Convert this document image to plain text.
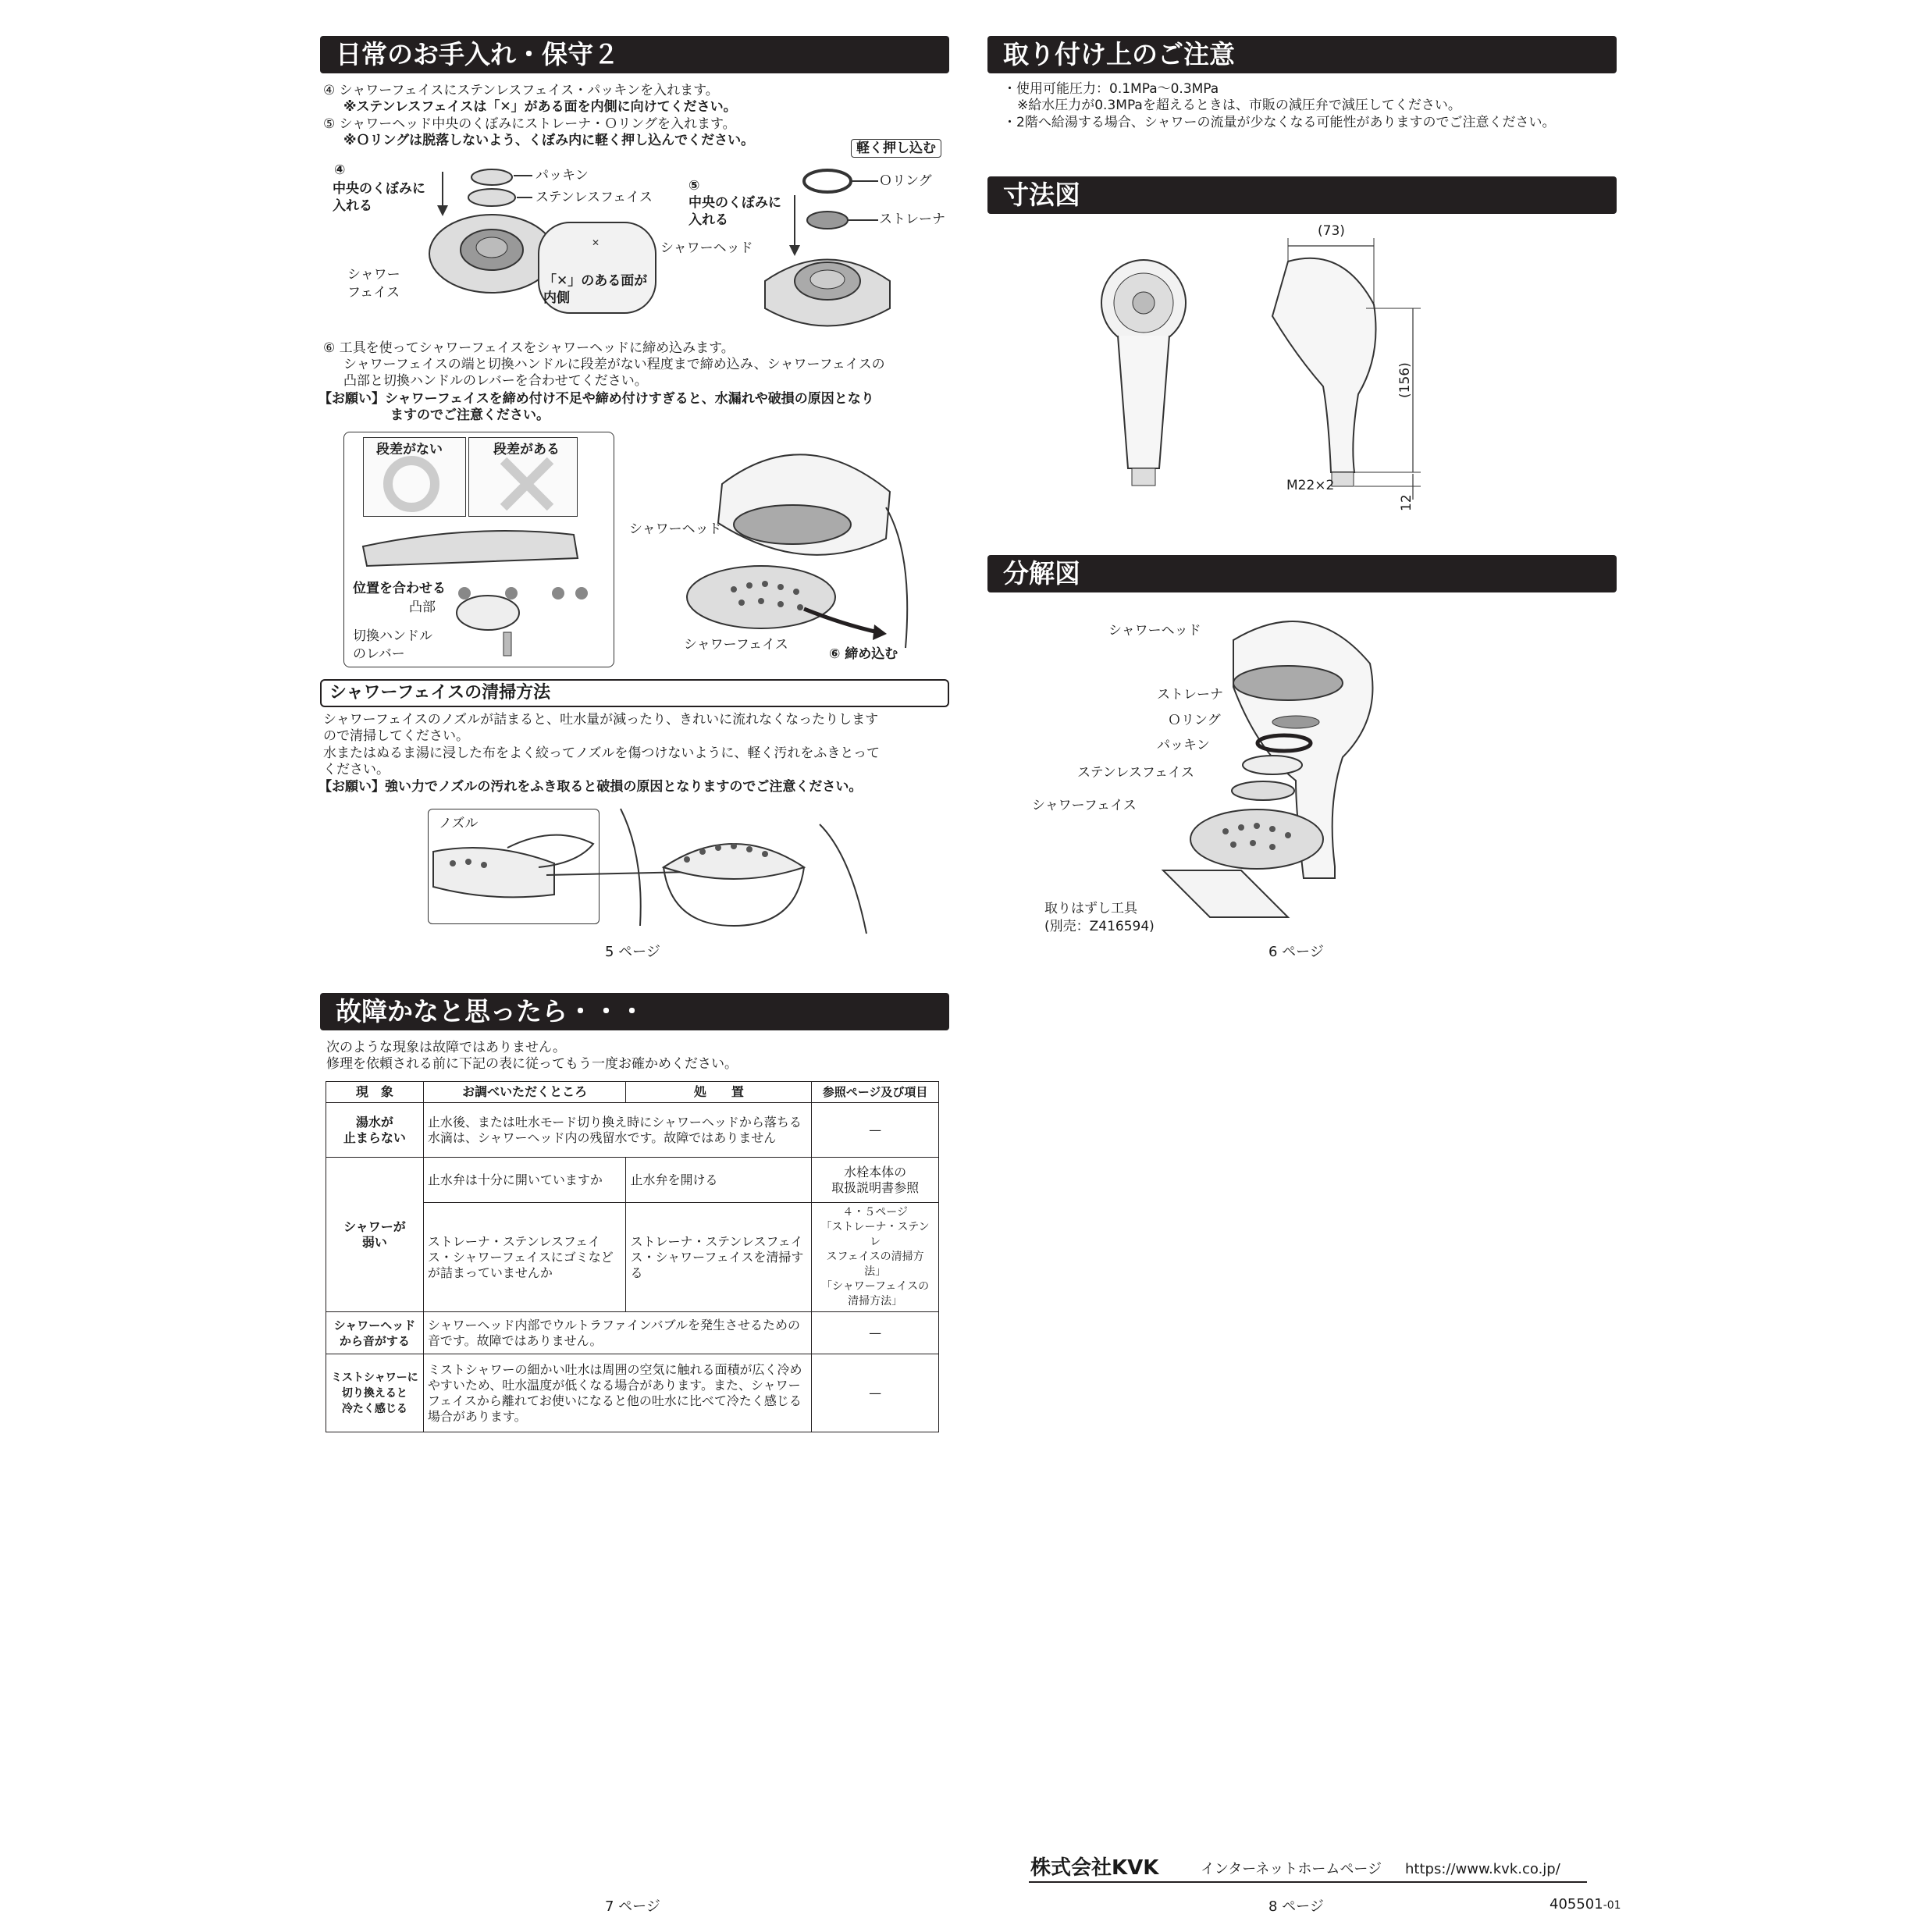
日常のお手入れ・保守２
④ シャワーフェイスにステンレスフェイス・パッキンを入れます。
※ステンレスフェイスは「✕」がある面を内側に向けてください。
⑤ シャワーヘッド中央のくぼみにストレーナ・Ｏリングを入れます。
※Ｏリングは脱落しないよう、くぼみ内に軽く押し込んでください。
④
中央のくぼみに
入れる
✕
パッキン
ステンレスフェイス
シャワー
フェイス
「✕」のある面が
内側
⑤
中央のくぼみに
入れる
軽く押し込む
Ｏリング
ストレーナ
シャワーヘッド
⑥ 工具を使ってシャワーフェイスをシャワーヘッドに締め込みます。
シャワーフェイスの端と切換ハンドルに段差がない程度まで締め込み、シャワーフェイスの
凸部と切換ハンドルのレバーを合わせてください。
【お願い】シャワーフェイスを締め付け不足や締め付けすぎると、水漏れや破損の原因となり
ますのでご注意ください。
段差がない	段差がある
位置を合わせる
凸部
切換ハンドル
のレバー
シャワーヘッド
シャワーフェイス
⑥ 締め込む
シャワーフェイスの清掃方法
シャワーフェイスのノズルが詰まると、吐水量が減ったり、きれいに流れなくなったりします
ので清掃してください。
水またはぬるま湯に浸した布をよく絞ってノズルを傷つけないように、軽く汚れをふきとって
ください。
【お願い】強い力でノズルの汚れをふき取ると破損の原因となりますのでご注意ください。
ノズル
5 ページ
故障かなと思ったら・・・
次のような現象は故障ではありません。
修理を依頼される前に下記の表に従ってもう一度お確かめください。
現　象	お調べいただくところ	処　　置	参照ページ及び項目
湯水が
止まらない	止水後、または吐水モード切り換え時にシャワーヘッドから落ちる水滴は、シャワーヘッド内の残留水です。故障ではありません		—
シャワーが
弱い	止水弁は十分に開いていますか	止水弁を開ける	水栓本体の
取扱説明書参照
	ストレーナ・ステンレスフェイス・シャワーフェイスにゴミなどが詰まっていませんか	ストレーナ・ステンレスフェイス・シャワーフェイスを清掃する	４・５ページ
「ストレーナ・ステンレ
スフェイスの清掃方法」
「シャワーフェイスの
清掃方法」
シャワーヘッド
から音がする	シャワーヘッド内部でウルトラファインバブルを発生させるための音です。故障ではありません。		—
ミストシャワーに
切り換えると
冷たく感じる	ミストシャワーの細かい吐水は周囲の空気に触れる面積が広く冷めやすいため、吐水温度が低くなる場合があります。また、シャワーフェイスから離れてお使いになると他の吐水に比べて冷たく感じる場合があります。		—
7 ページ
取り付け上のご注意
・使用可能圧力：0.1MPa～0.3MPa
※給水圧力が0.3MPaを超えるときは、市販の減圧弁で減圧してください。
・2階へ給湯する場合、シャワーの流量が少なくなる可能性がありますのでご注意ください。
寸法図
(73)
(156)
M22×2
12
分解図
シャワーヘッド
ストレーナ
Ｏリング
パッキン
ステンレスフェイス
シャワーフェイス
取りはずし工具
(別売：Z416594)
6 ページ
株式会社KVK	インターネットホームページ https://www.kvk.co.jp/
8 ページ	405501-01
